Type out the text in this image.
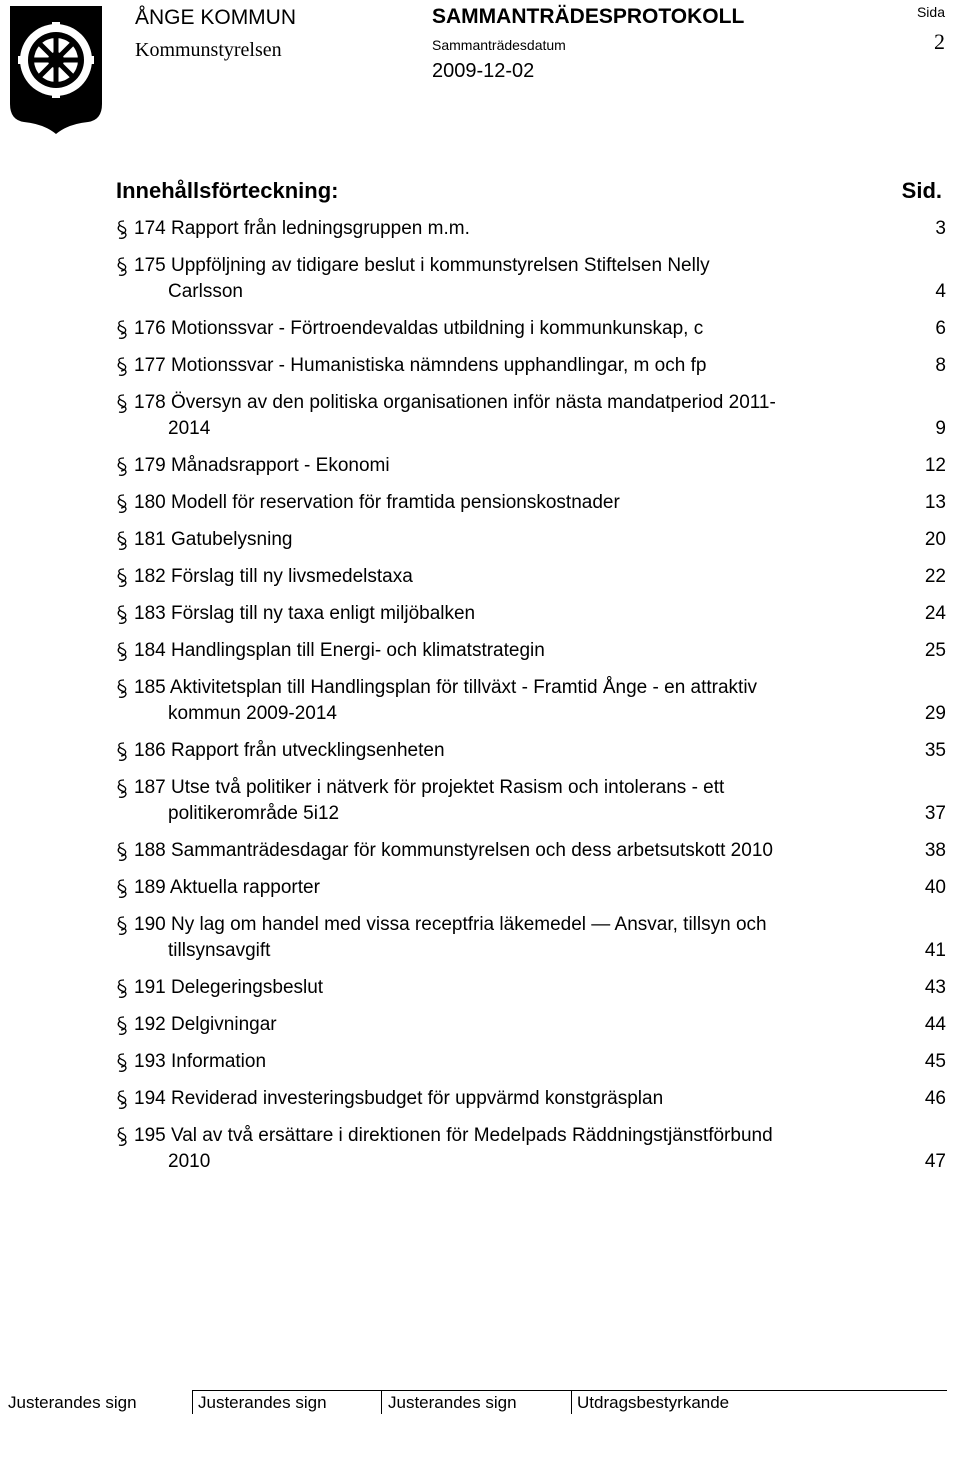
ÅNGE KOMMUN
Kommunstyrelsen
SAMMANTRÄDESPROTOKOLL
Sammanträdesdatum
2009-12-02
Sida
2
Innehållsförteckning:	Sid.
174 Rapport från ledningsgruppen m.m.	3
175 Uppföljning av tidigare beslut i kommunstyrelsen Stiftelsen Nelly
Carlsson	4
176 Motionssvar - Förtroendevaldas utbildning i kommunkunskap, c	6
177 Motionssvar - Humanistiska nämndens upphandlingar, m och fp	8
178 Översyn av den politiska organisationen inför nästa mandatperiod 2011-
2014	9
179 Månadsrapport - Ekonomi	12
180 Modell för reservation för framtida pensionskostnader	13
181 Gatubelysning	20
182 Förslag till ny livsmedelstaxa	22
183 Förslag till ny taxa enligt miljöbalken	24
184 Handlingsplan till Energi- och klimatstrategin	25
185 Aktivitetsplan till Handlingsplan för tillväxt - Framtid Ånge - en attraktiv
kommun 2009-2014	29
186 Rapport från utvecklingsenheten	35
187 Utse två politiker i nätverk för projektet Rasism och intolerans - ett
politikerområde 5i12	37
188 Sammanträdesdagar för kommunstyrelsen och dess arbetsutskott 2010	38
189 Aktuella rapporter	40
190 Ny lag om handel med vissa receptfria läkemedel — Ansvar, tillsyn och
tillsynsavgift	41
191 Delegeringsbeslut	43
192 Delgivningar	44
193 Information	45
194 Reviderad investeringsbudget för uppvärmd konstgräsplan	46
195 Val av två ersättare i direktionen för Medelpads Räddningstjänstförbund
2010	47
Justerandes sign	Justerandes sign	Justerandes sign	Utdragsbestyrkande
